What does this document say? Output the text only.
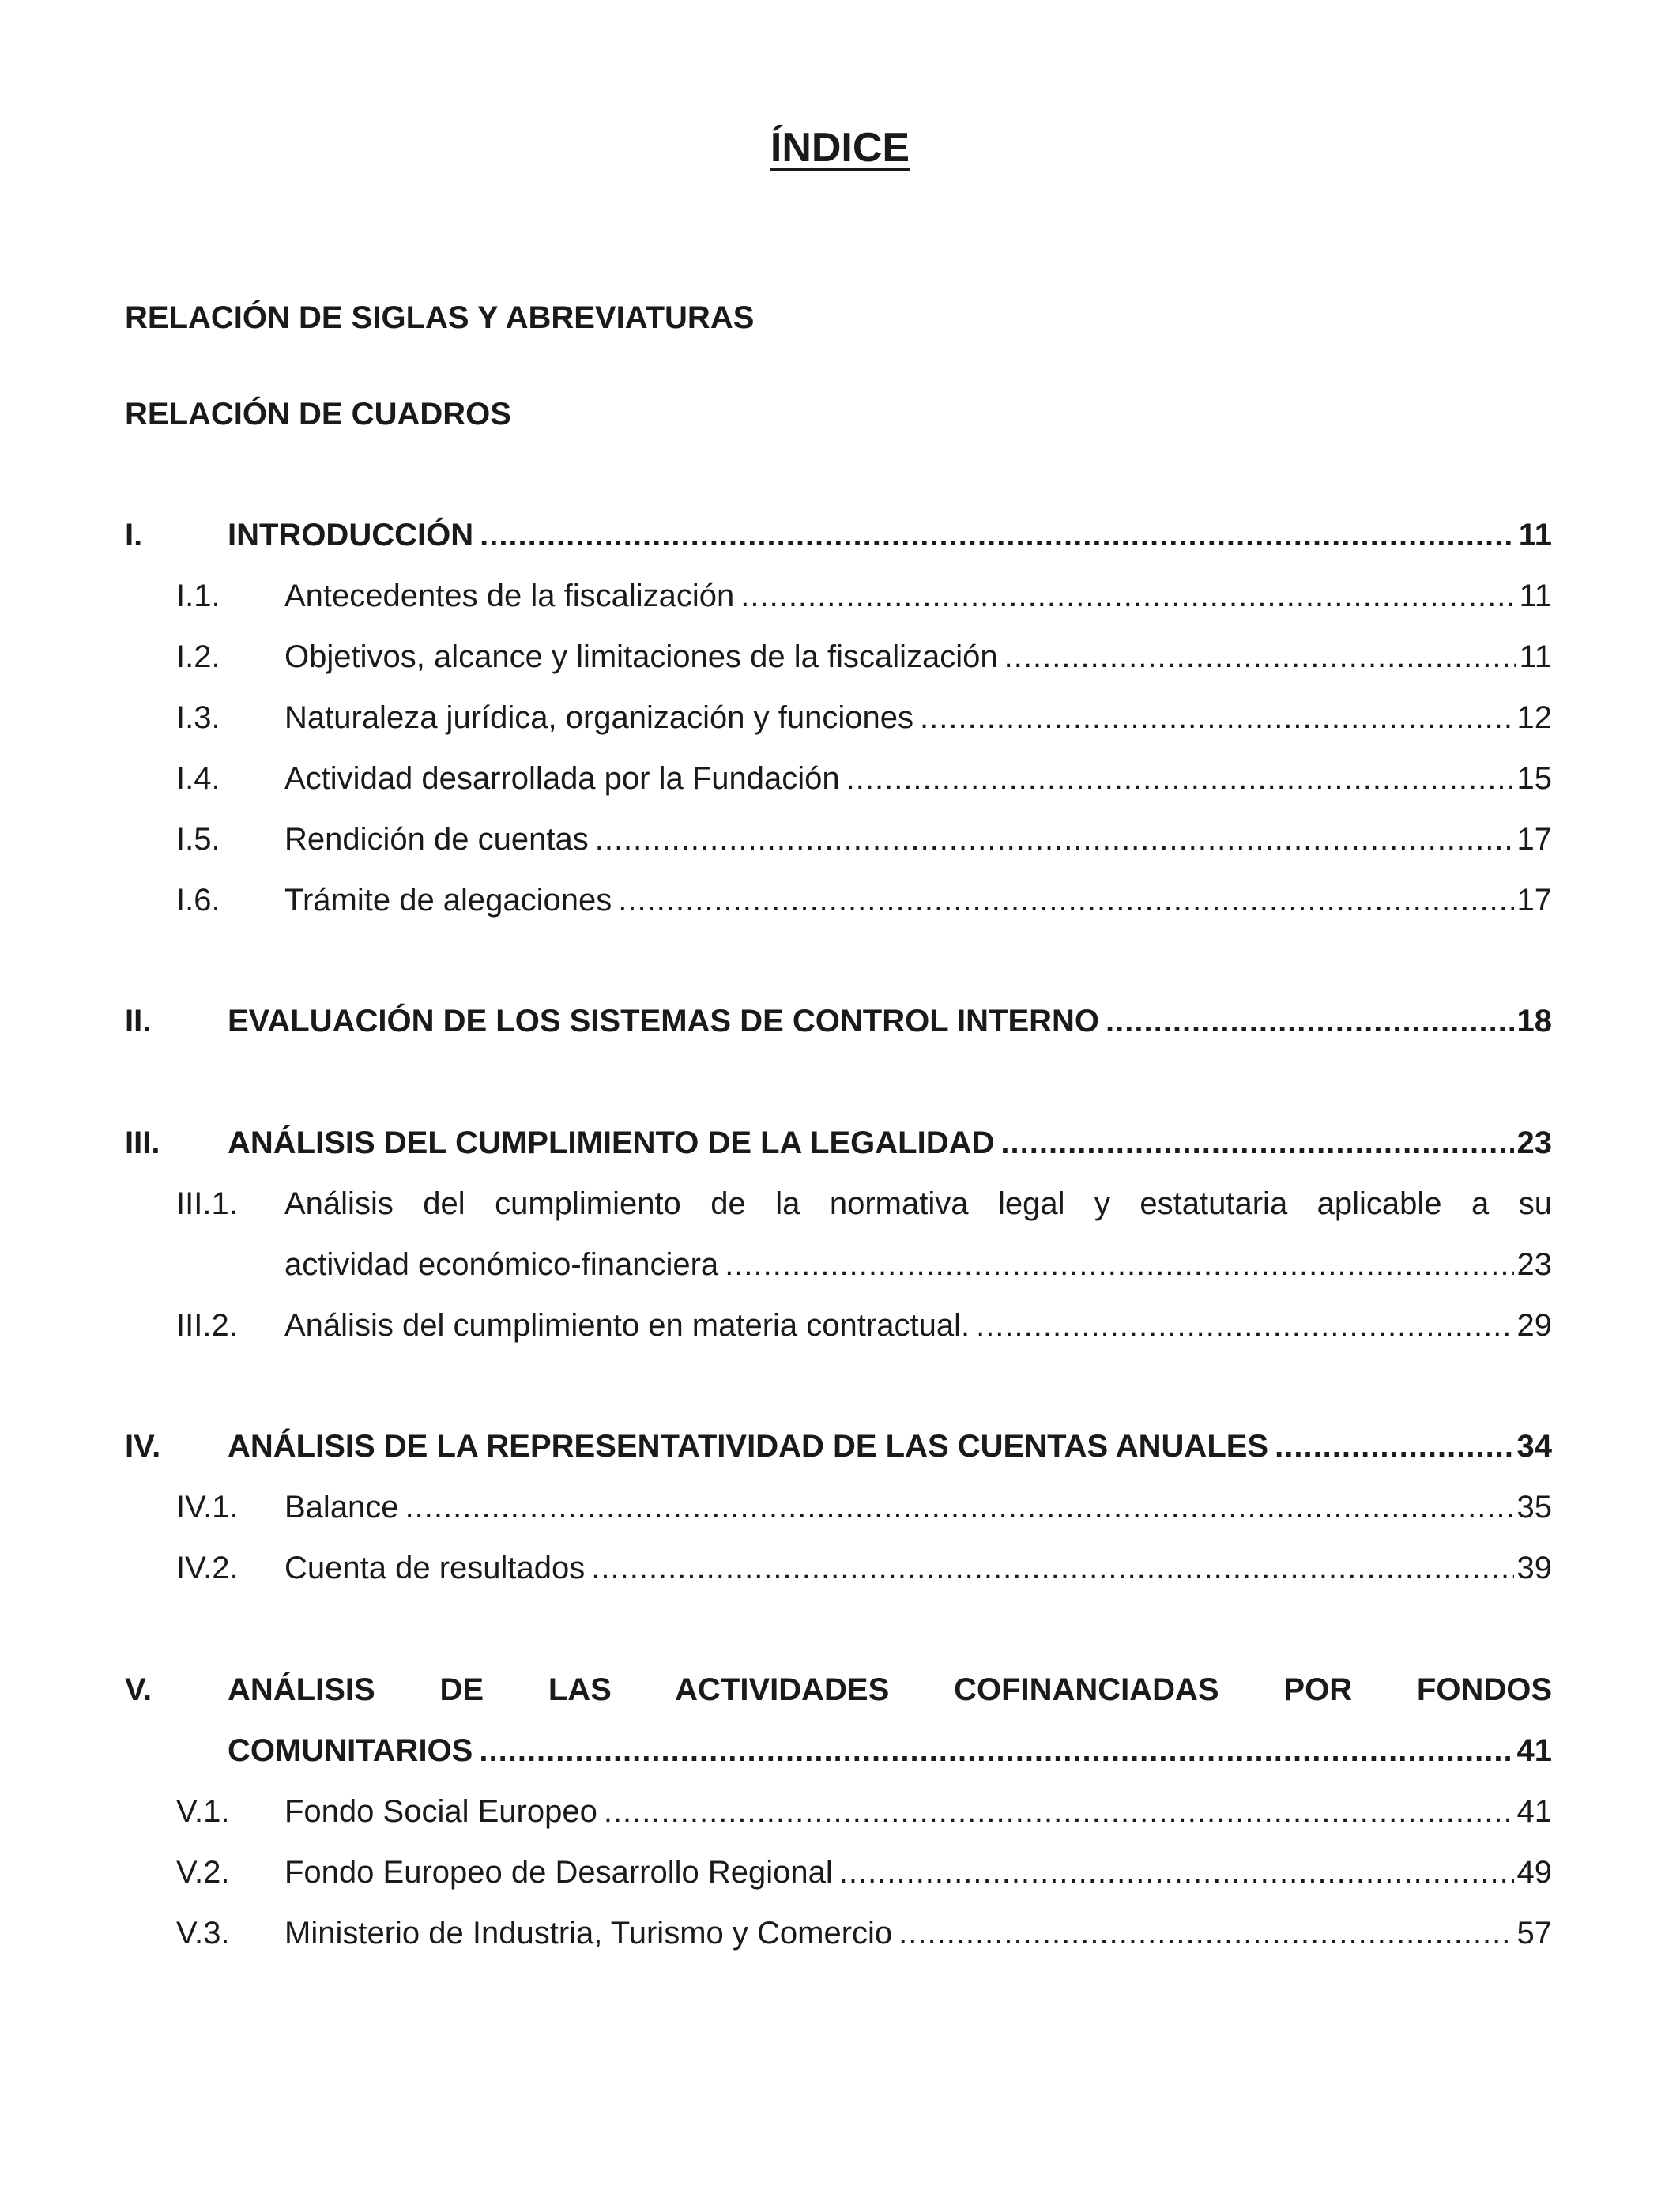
ÍNDICE

RELACIÓN DE SIGLAS Y ABREVIATURAS

RELACIÓN DE CUADROS

I.	INTRODUCCIÓN .....	11
I.1.	Antecedentes de la fiscalización .....	11
I.2.	Objetivos, alcance y limitaciones de la fiscalización .....	11
I.3.	Naturaleza jurídica, organización y funciones .....	12
I.4.	Actividad desarrollada por la Fundación .....	15
I.5.	Rendición de cuentas .....	17
I.6.	Trámite de alegaciones .....	17
II.	EVALUACIÓN DE LOS SISTEMAS DE CONTROL INTERNO .....	18
III.	ANÁLISIS DEL CUMPLIMIENTO DE LA LEGALIDAD .....	23
III.1.	Análisis del cumplimiento de la normativa legal y estatutaria aplicable a su
actividad económico-financiera .....	23
III.2.	Análisis del cumplimiento en materia contractual. .....	29
IV.	ANÁLISIS DE LA REPRESENTATIVIDAD DE LAS CUENTAS ANUALES .....	34
IV.1.	Balance .....	35
IV.2.	Cuenta de resultados .....	39
V.	ANÁLISIS DE LAS ACTIVIDADES COFINANCIADAS POR FONDOS
COMUNITARIOS .....	41
V.1.	Fondo Social Europeo .....	41
V.2.	Fondo Europeo de Desarrollo Regional .....	49
V.3.	Ministerio de Industria, Turismo y Comercio .....	57
